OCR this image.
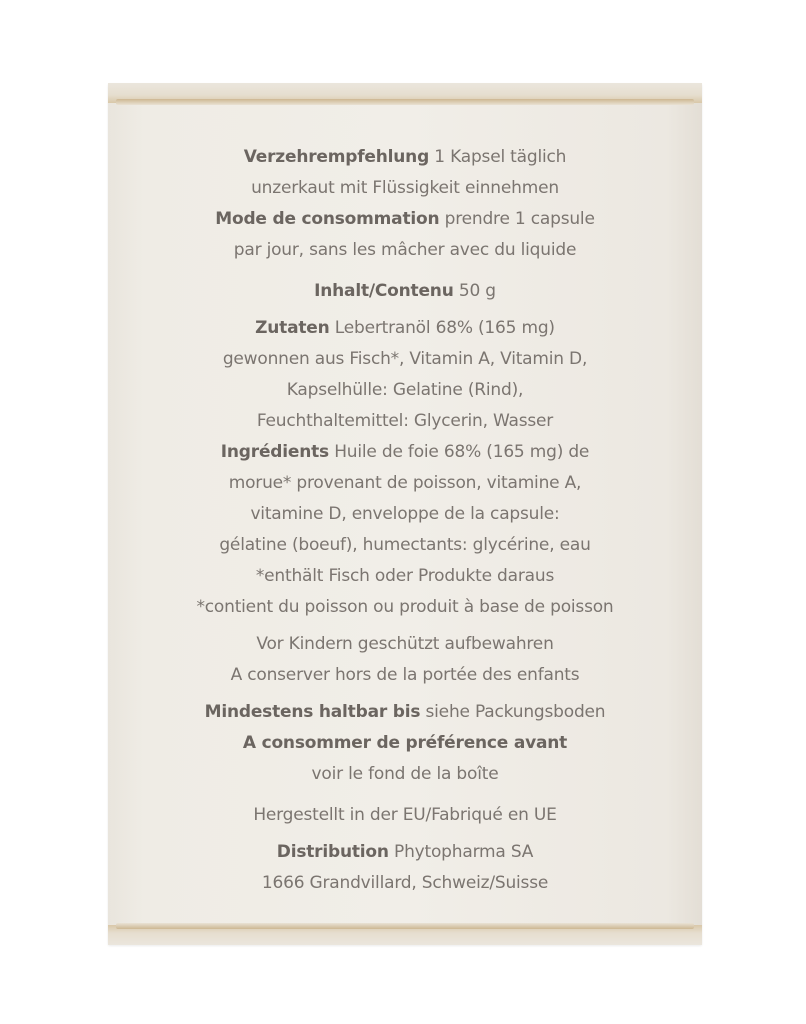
Verzehrempfehlung 1 Kapsel täglich
unzerkaut mit Flüssigkeit einnehmen
Mode de consommation prendre 1 capsule
par jour, sans les mâcher avec du liquide
Inhalt/Contenu 50 g
Zutaten Lebertranöl 68% (165 mg)
gewonnen aus Fisch*, Vitamin A, Vitamin D,
Kapselhülle: Gelatine (Rind),
Feuchthaltemittel: Glycerin, Wasser
Ingrédients Huile de foie 68% (165 mg) de
morue* provenant de poisson, vitamine A,
vitamine D, enveloppe de la capsule:
gélatine (boeuf), humectants: glycérine, eau
*enthält Fisch oder Produkte daraus
*contient du poisson ou produit à base de poisson
Vor Kindern geschützt aufbewahren
A conserver hors de la portée des enfants
Mindestens haltbar bis siehe Packungsboden
A consommer de préférence avant
voir le fond de la boîte
Hergestellt in der EU/Fabriqué en UE
Distribution Phytopharma SA
1666 Grandvillard, Schweiz/Suisse
